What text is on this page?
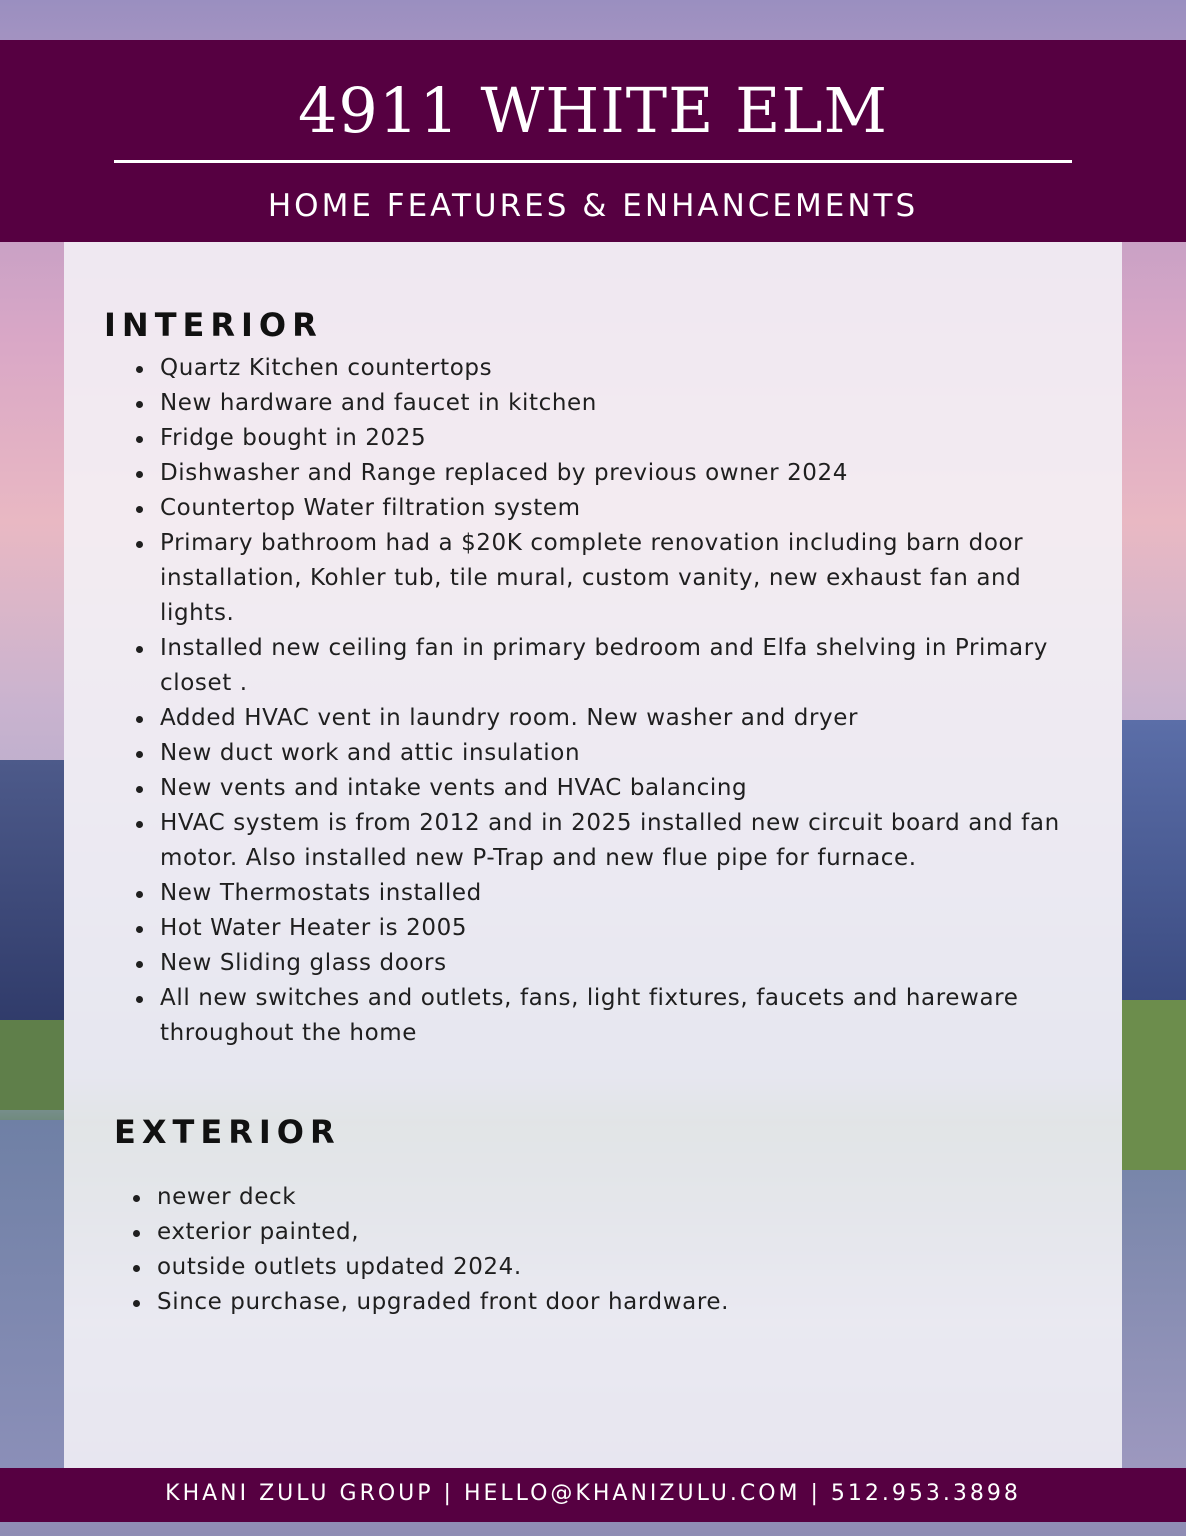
4911 WHITE ELM
HOME FEATURES & ENHANCEMENTS
INTERIOR
Quartz Kitchen countertops
New hardware and faucet in kitchen
Fridge bought in 2025
Dishwasher and Range replaced by previous owner 2024
Countertop Water filtration system
Primary bathroom had a $20K complete renovation including barn door installation, Kohler tub, tile mural, custom vanity, new exhaust fan and lights.
Installed new ceiling fan in primary bedroom and Elfa shelving in Primary closet .
Added HVAC vent in laundry room. New washer and dryer
New duct work and attic insulation
New vents and intake vents and HVAC balancing
HVAC system is from 2012 and in 2025 installed new circuit board and fan motor. Also installed new P-Trap and new flue pipe for furnace.
New Thermostats installed
Hot Water Heater is 2005
New Sliding glass doors
All new switches and outlets, fans, light fixtures, faucets and hareware throughout the home
EXTERIOR
newer deck
exterior painted,
outside outlets updated 2024.
Since purchase, upgraded front door hardware.
KHANI ZULU GROUP | HELLO@KHANIZULU.COM | 512.953.3898
